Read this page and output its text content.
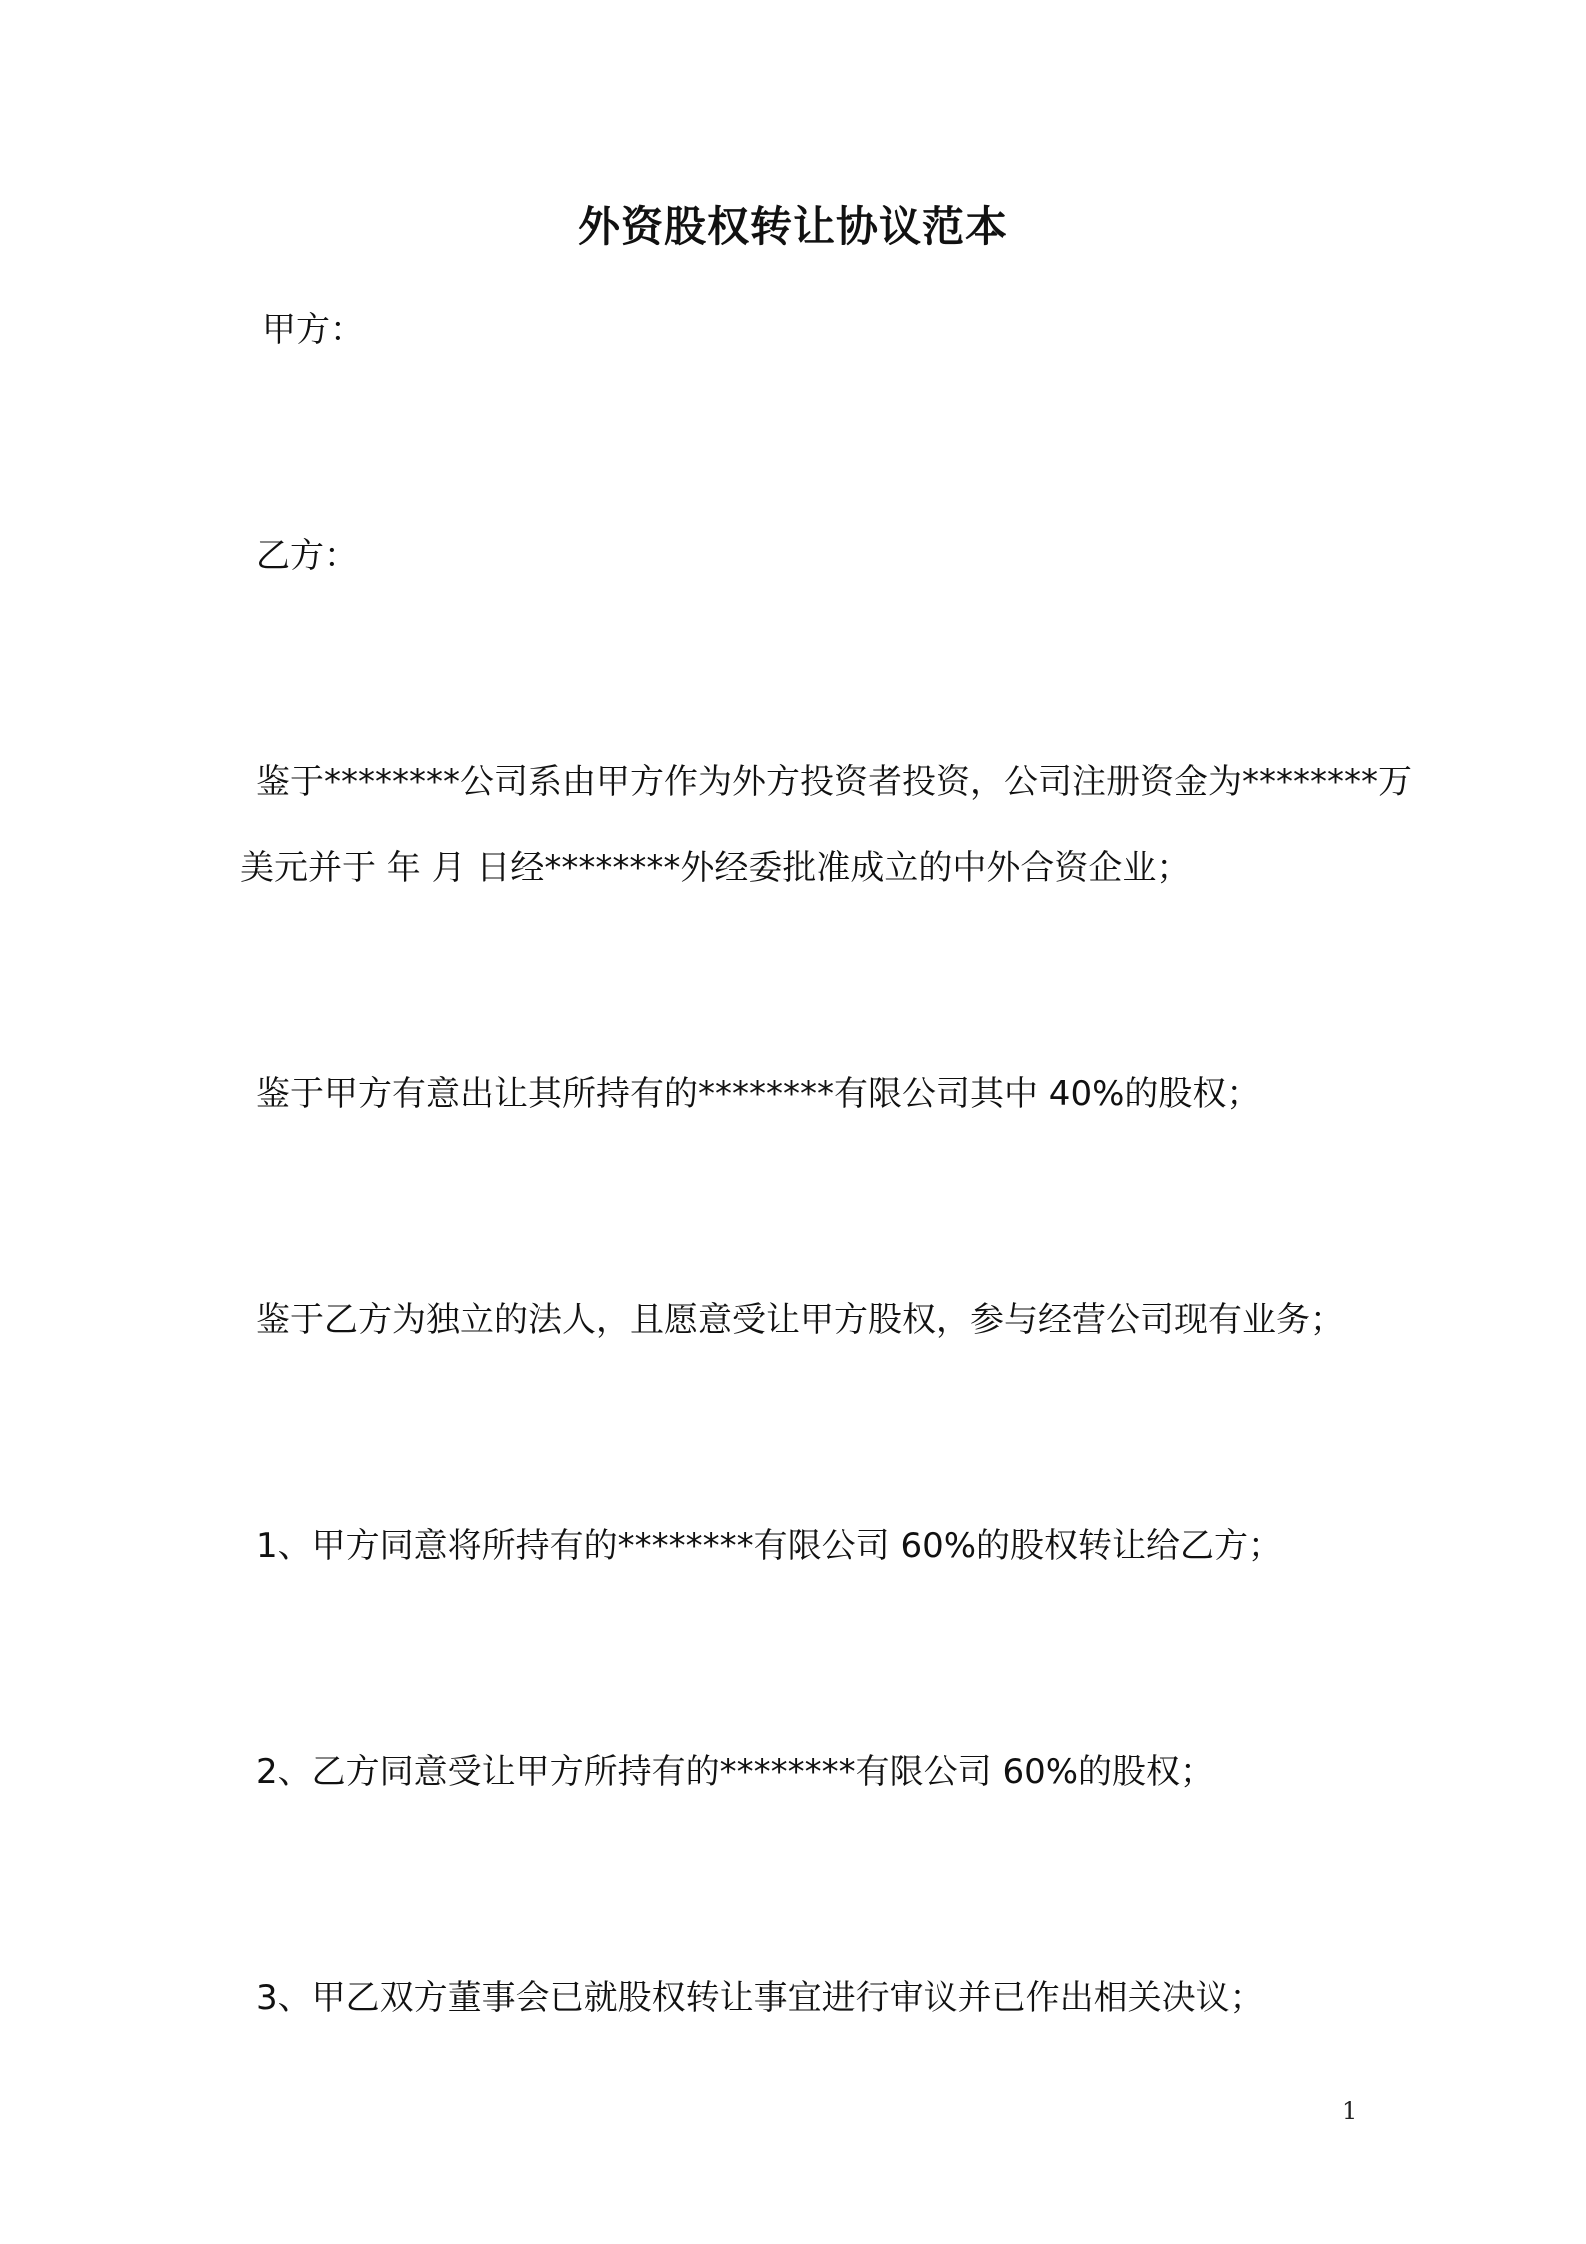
外资股权转让协议范本
甲方：
乙方：
鉴于********公司系由甲方作为外方投资者投资，公司注册资金为********万
美元并于 年 月 日经********外经委批准成立的中外合资企业；
鉴于甲方有意出让其所持有的********有限公司其中 40%的股权；
鉴于乙方为独立的法人，且愿意受让甲方股权，参与经营公司现有业务；
1、甲方同意将所持有的********有限公司 60%的股权转让给乙方；
2、乙方同意受让甲方所持有的********有限公司 60%的股权；
3、甲乙双方董事会已就股权转让事宜进行审议并已作出相关决议；
1
